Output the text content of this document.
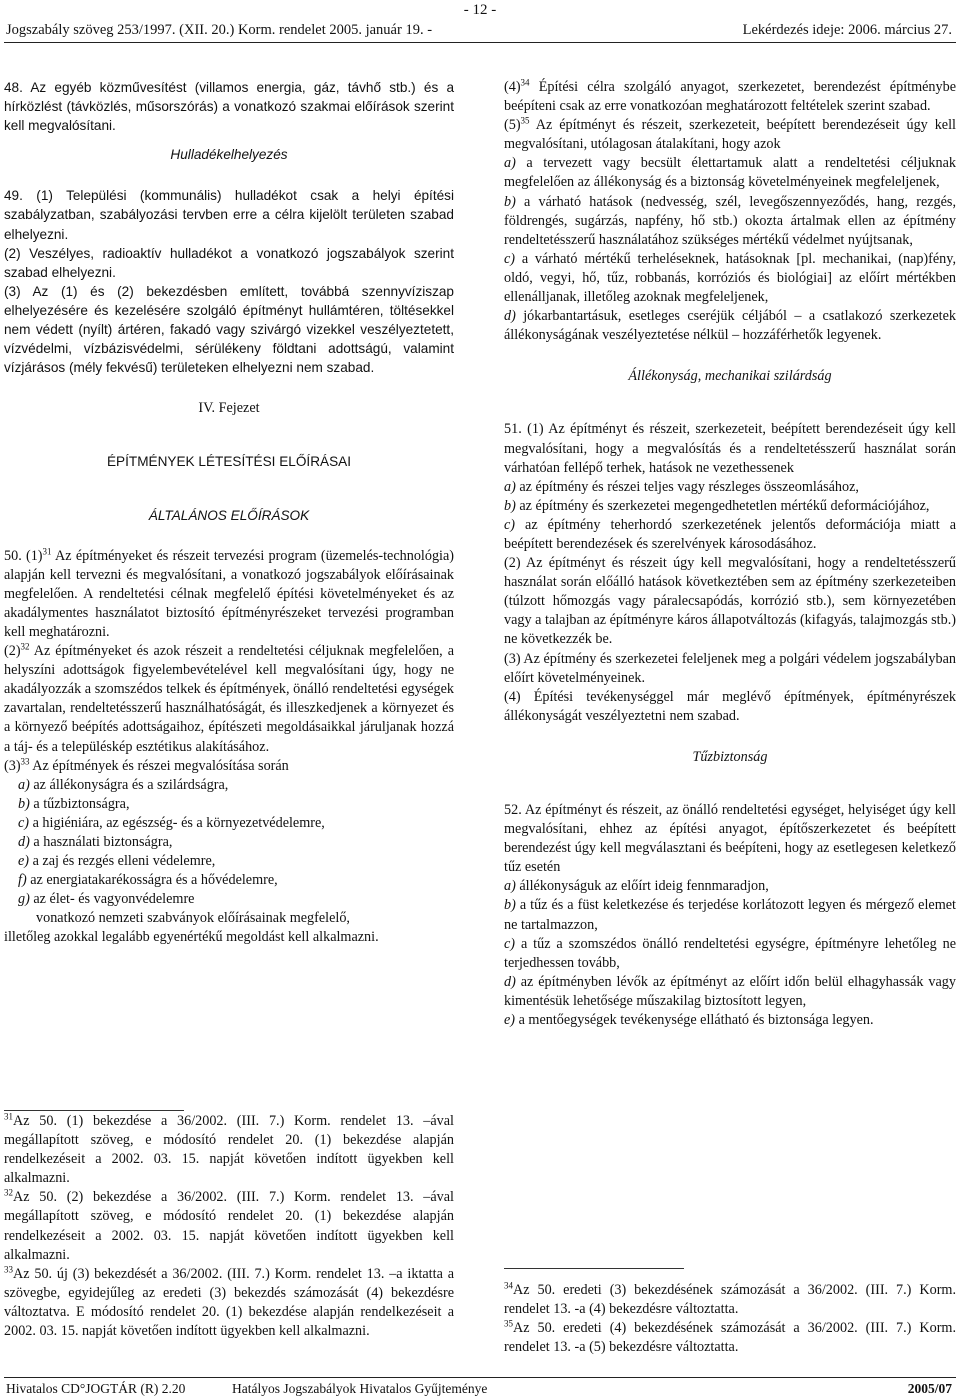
- 12 -
Jogszabály szöveg 253/1997. (XII. 20.) Korm. rendelet 2005. január 19. -	Lekérdezés ideje: 2006. március 27.

48. Az egyéb közművesítést (villamos energia, gáz, távhő stb.) és a hírközlést (távközlés, műsorszórás) a vonatkozó szakmai előírások szerint kell megvalósítani.

Hulladékelhelyezés

49. (1) Települési (kommunális) hulladékot csak a helyi építési szabályzatban, szabályozási tervben erre a célra kijelölt területen szabad elhelyezni.

(2) Veszélyes, radioaktív hulladékot a vonatkozó jogszabályok szerint szabad elhelyezni.

(3) Az (1) és (2) bekezdésben említett, továbbá szennyvíziszap elhelyezésére és kezelésére szolgáló építményt hullámtéren, töltésekkel nem védett (nyílt) ártéren, fakadó vagy szivárgó vizekkel veszélyeztetett, vízvédelmi, vízbázisvédelmi, sérülékeny földtani adottságú, valamint vízjárásos (mély fekvésű) területeken elhelyezni nem szabad.

IV. Fejezet

ÉPÍTMÉNYEK LÉTESÍTÉSI ELŐÍRÁSAI

ÁLTALÁNOS ELŐÍRÁSOK

50. $(1)^{31}$ Az építményeket és részeit tervezési program (üzemelés-technológia) alapján kell tervezni és megvalósítani, a vonatkozó jogszabályok előírásainak megfelelően. A rendeltetési célnak megfelelő építési követelményeket és az akadálymentes használatot biztosító építményrészeket tervezési programban kell meghatározni.

$(2)^{32}$ Az építményeket és azok részeit a rendeltetési céljuknak megfelelően, a helyszíni adottságok figyelembevételével kell megvalósítani úgy, hogy ne akadályozzák a szomszédos telkek és építmények, önálló rendeltetési egységek zavartalan, rendeltetésszerű használhatóságát, és illeszkedjenek a környezet és a környező beépítés adottságaihoz, építészeti megoldásaikkal járuljanak hozzá a táj- és a településkép esztétikus alakításához.

$(3)^{33}$ Az építmények és részei megvalósítása során

a) az állékonyságra és a szilárdságra,

b) a tűzbiztonságra,

c) a higiéniára, az egészség- és a környezetvédelemre,

d) a használati biztonságra,

e) a zaj és rezgés elleni védelemre,

f) az energiatakarékosságra és a hővédelemre,

g) az élet- és vagyonvédelemre

vonatkozó nemzeti szabványok előírásainak megfelelő,

illetőleg azokkal legalább egyenértékű megoldást kell alkalmazni.

$^{31}$Az 50. (1) bekezdése a 36/2002. (III. 7.) Korm. rendelet 13. –ával megállapított szöveg, e módosító rendelet 20. (1) bekezdése alapján rendelkezéseit a 2002. 03. 15. napját követően indított ügyekben kell alkalmazni.

$^{32}$Az 50. (2) bekezdése a 36/2002. (III. 7.) Korm. rendelet 13. –ával megállapított szöveg, e módosító rendelet 20. (1) bekezdése alapján rendelkezéseit a 2002. 03. 15. napját követően indított ügyekben kell alkalmazni.

$^{33}$Az 50. új (3) bekezdését a 36/2002. (III. 7.) Korm. rendelet 13. –a iktatta a szövegbe, egyidejűleg az eredeti (3) bekezdés számozását (4) bekezdésre változtatva. E módosító rendelet 20. (1) bekezdése alapján rendelkezéseit a 2002. 03. 15. napját követően indított ügyekben kell alkalmazni.

$(4)^{34}$ Építési célra szolgáló anyagot, szerkezetet, berendezést építménybe beépíteni csak az erre vonatkozóan meghatározott feltételek szerint szabad.

$(5)^{35}$ Az építményt és részeit, szerkezeteit, beépített berendezéseit úgy kell megvalósítani, utólagosan átalakítani, hogy azok

a) a tervezett vagy becsült élettartamuk alatt a rendeltetési céljuknak megfelelően az állékonyság és a biztonság követelményeinek megfeleljenek,

b) a várható hatások (nedvesség, szél, levegőszennyeződés, hang, rezgés, földrengés, sugárzás, napfény, hő stb.) okozta ártalmak ellen az építmény rendeltetésszerű használatához szükséges mértékű védelmet nyújtsanak,

c) a várható mértékű terheléseknek, hatásoknak [pl. mechanikai, (nap)fény, oldó, vegyi, hő, tűz, robbanás, korróziós és biológiai] az előírt mértékben ellenálljanak, illetőleg azoknak megfeleljenek,

d) jókarbantartásuk, esetleges cseréjük céljából – a csatlakozó szerkezetek állékonyságának veszélyeztetése nélkül – hozzáférhetők legyenek.

Állékonyság, mechanikai szilárdság

51. (1) Az építményt és részeit, szerkezeteit, beépített berendezéseit úgy kell megvalósítani, hogy a megvalósítás és a rendeltetésszerű használat során várhatóan fellépő terhek, hatások ne vezethessenek

a) az építmény és részei teljes vagy részleges összeomlásához,

b) az építmény és szerkezetei megengedhetetlen mértékű deformációjához,

c) az építmény teherhordó szerkezetének jelentős deformációja miatt a beépített berendezések és szerelvények károsodásához.

(2) Az építményt és részeit úgy kell megvalósítani, hogy a rendeltetésszerű használat során előálló hatások következtében sem az építmény szerkezeteiben (túlzott hőmozgás vagy páralecsapódás, korrózió stb.), sem környezetében vagy a talajban az építményre káros állapotváltozás (kifagyás, talajmozgás stb.) ne következzék be.

(3) Az építmény és szerkezetei feleljenek meg a polgári védelem jogszabályban előírt követelményeinek.

(4) Építési tevékenységgel már meglévő építmények, építményrészek állékonyságát veszélyeztetni nem szabad.

Tűzbiztonság

52. Az építményt és részeit, az önálló rendeltetési egységet, helyiséget úgy kell megvalósítani, ehhez az építési anyagot, építőszerkezetet és beépített berendezést úgy kell megválasztani és beépíteni, hogy az esetlegesen keletkező tűz esetén

a) állékonyságuk az előírt ideig fennmaradjon,

b) a tűz és a füst keletkezése és terjedése korlátozott legyen és mérgező elemet ne tartalmazzon,

c) a tűz a szomszédos önálló rendeltetési egységre, építményre lehetőleg ne terjedhessen tovább,

d) az építményben lévők az építményt az előírt időn belül elhagyhassák vagy kimentésük lehetősége műszakilag biztosított legyen,

e) a mentőegységek tevékenysége ellátható és biztonsága legyen.

$^{34}$Az 50. eredeti (3) bekezdésének számozását a 36/2002. (III. 7.) Korm. rendelet 13. -a (4) bekezdésre változtatta.

$^{35}$Az 50. eredeti (4) bekezdésének számozását a 36/2002. (III. 7.) Korm. rendelet 13. -a (5) bekezdésre változtatta.

Hivatalos CD°JOGTÁR (R) 2.20	Hatályos Jogszabályok Hivatalos Gyűjteménye	2005/07
